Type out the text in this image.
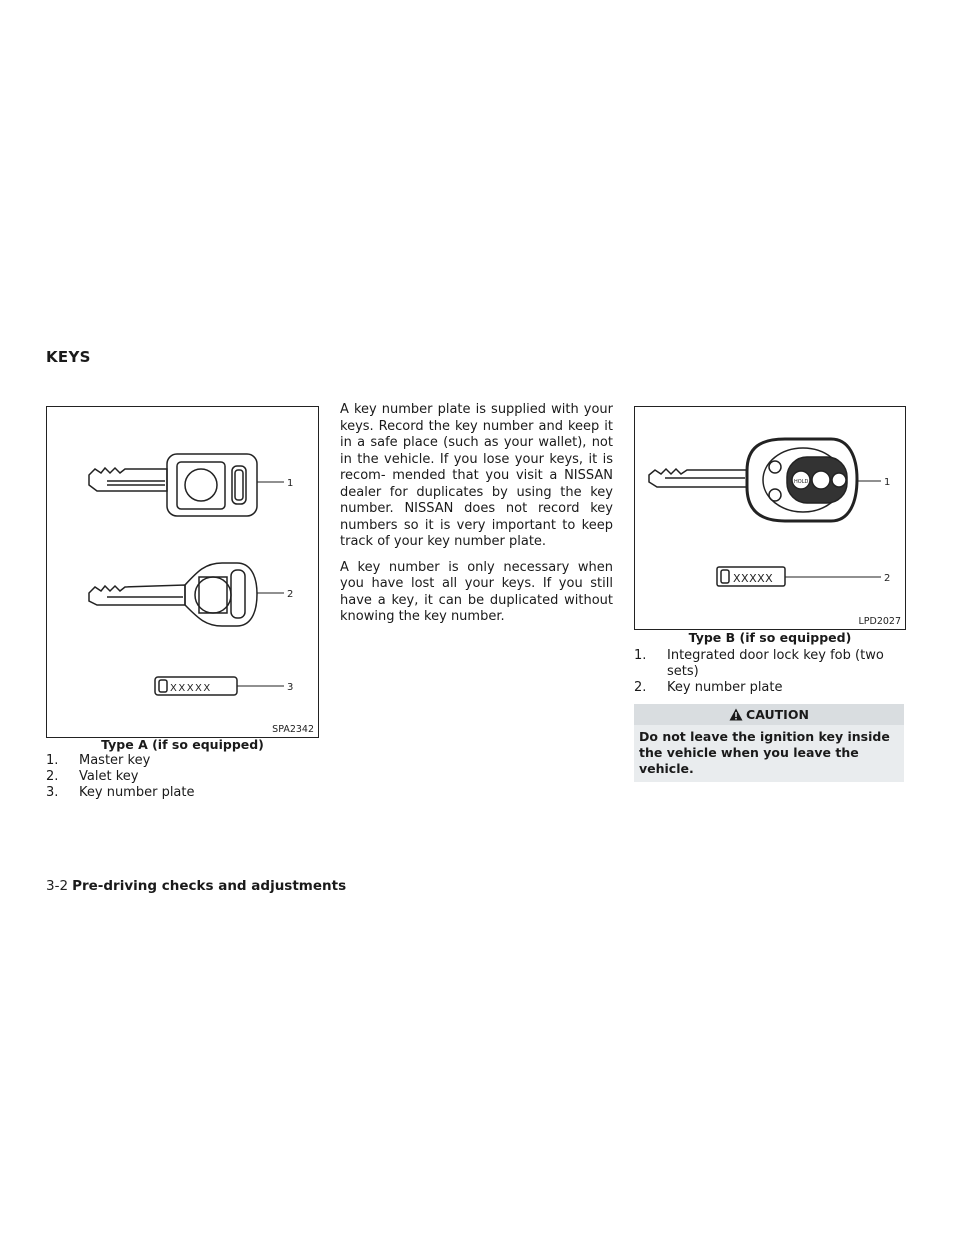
KEYS
XXXXX
1
2
3
SPA2342
Type A (if so equipped)
1.	Master key
2.	Valet key
3.	Key number plate

A key number plate is supplied with your keys. Record the key number and keep it in a safe place (such as your wallet), not in the vehicle. If you lose your keys, it is recom- mended that you visit a NISSAN dealer for duplicates by using the key number. NISSAN does not record key numbers so it is very important to keep track of your key number plate.

A key number is only necessary when you have lost all your keys. If you still have a key, it can be duplicated without knowing the key number.

HOLD
XXXXX
1
2
LPD2027
Type B (if so equipped)
1.	Integrated door lock key fob (two sets)
2.	Key number plate
CAUTION
Do not leave the ignition key inside the vehicle when you leave the vehicle.
3-2 Pre-driving checks and adjustments
